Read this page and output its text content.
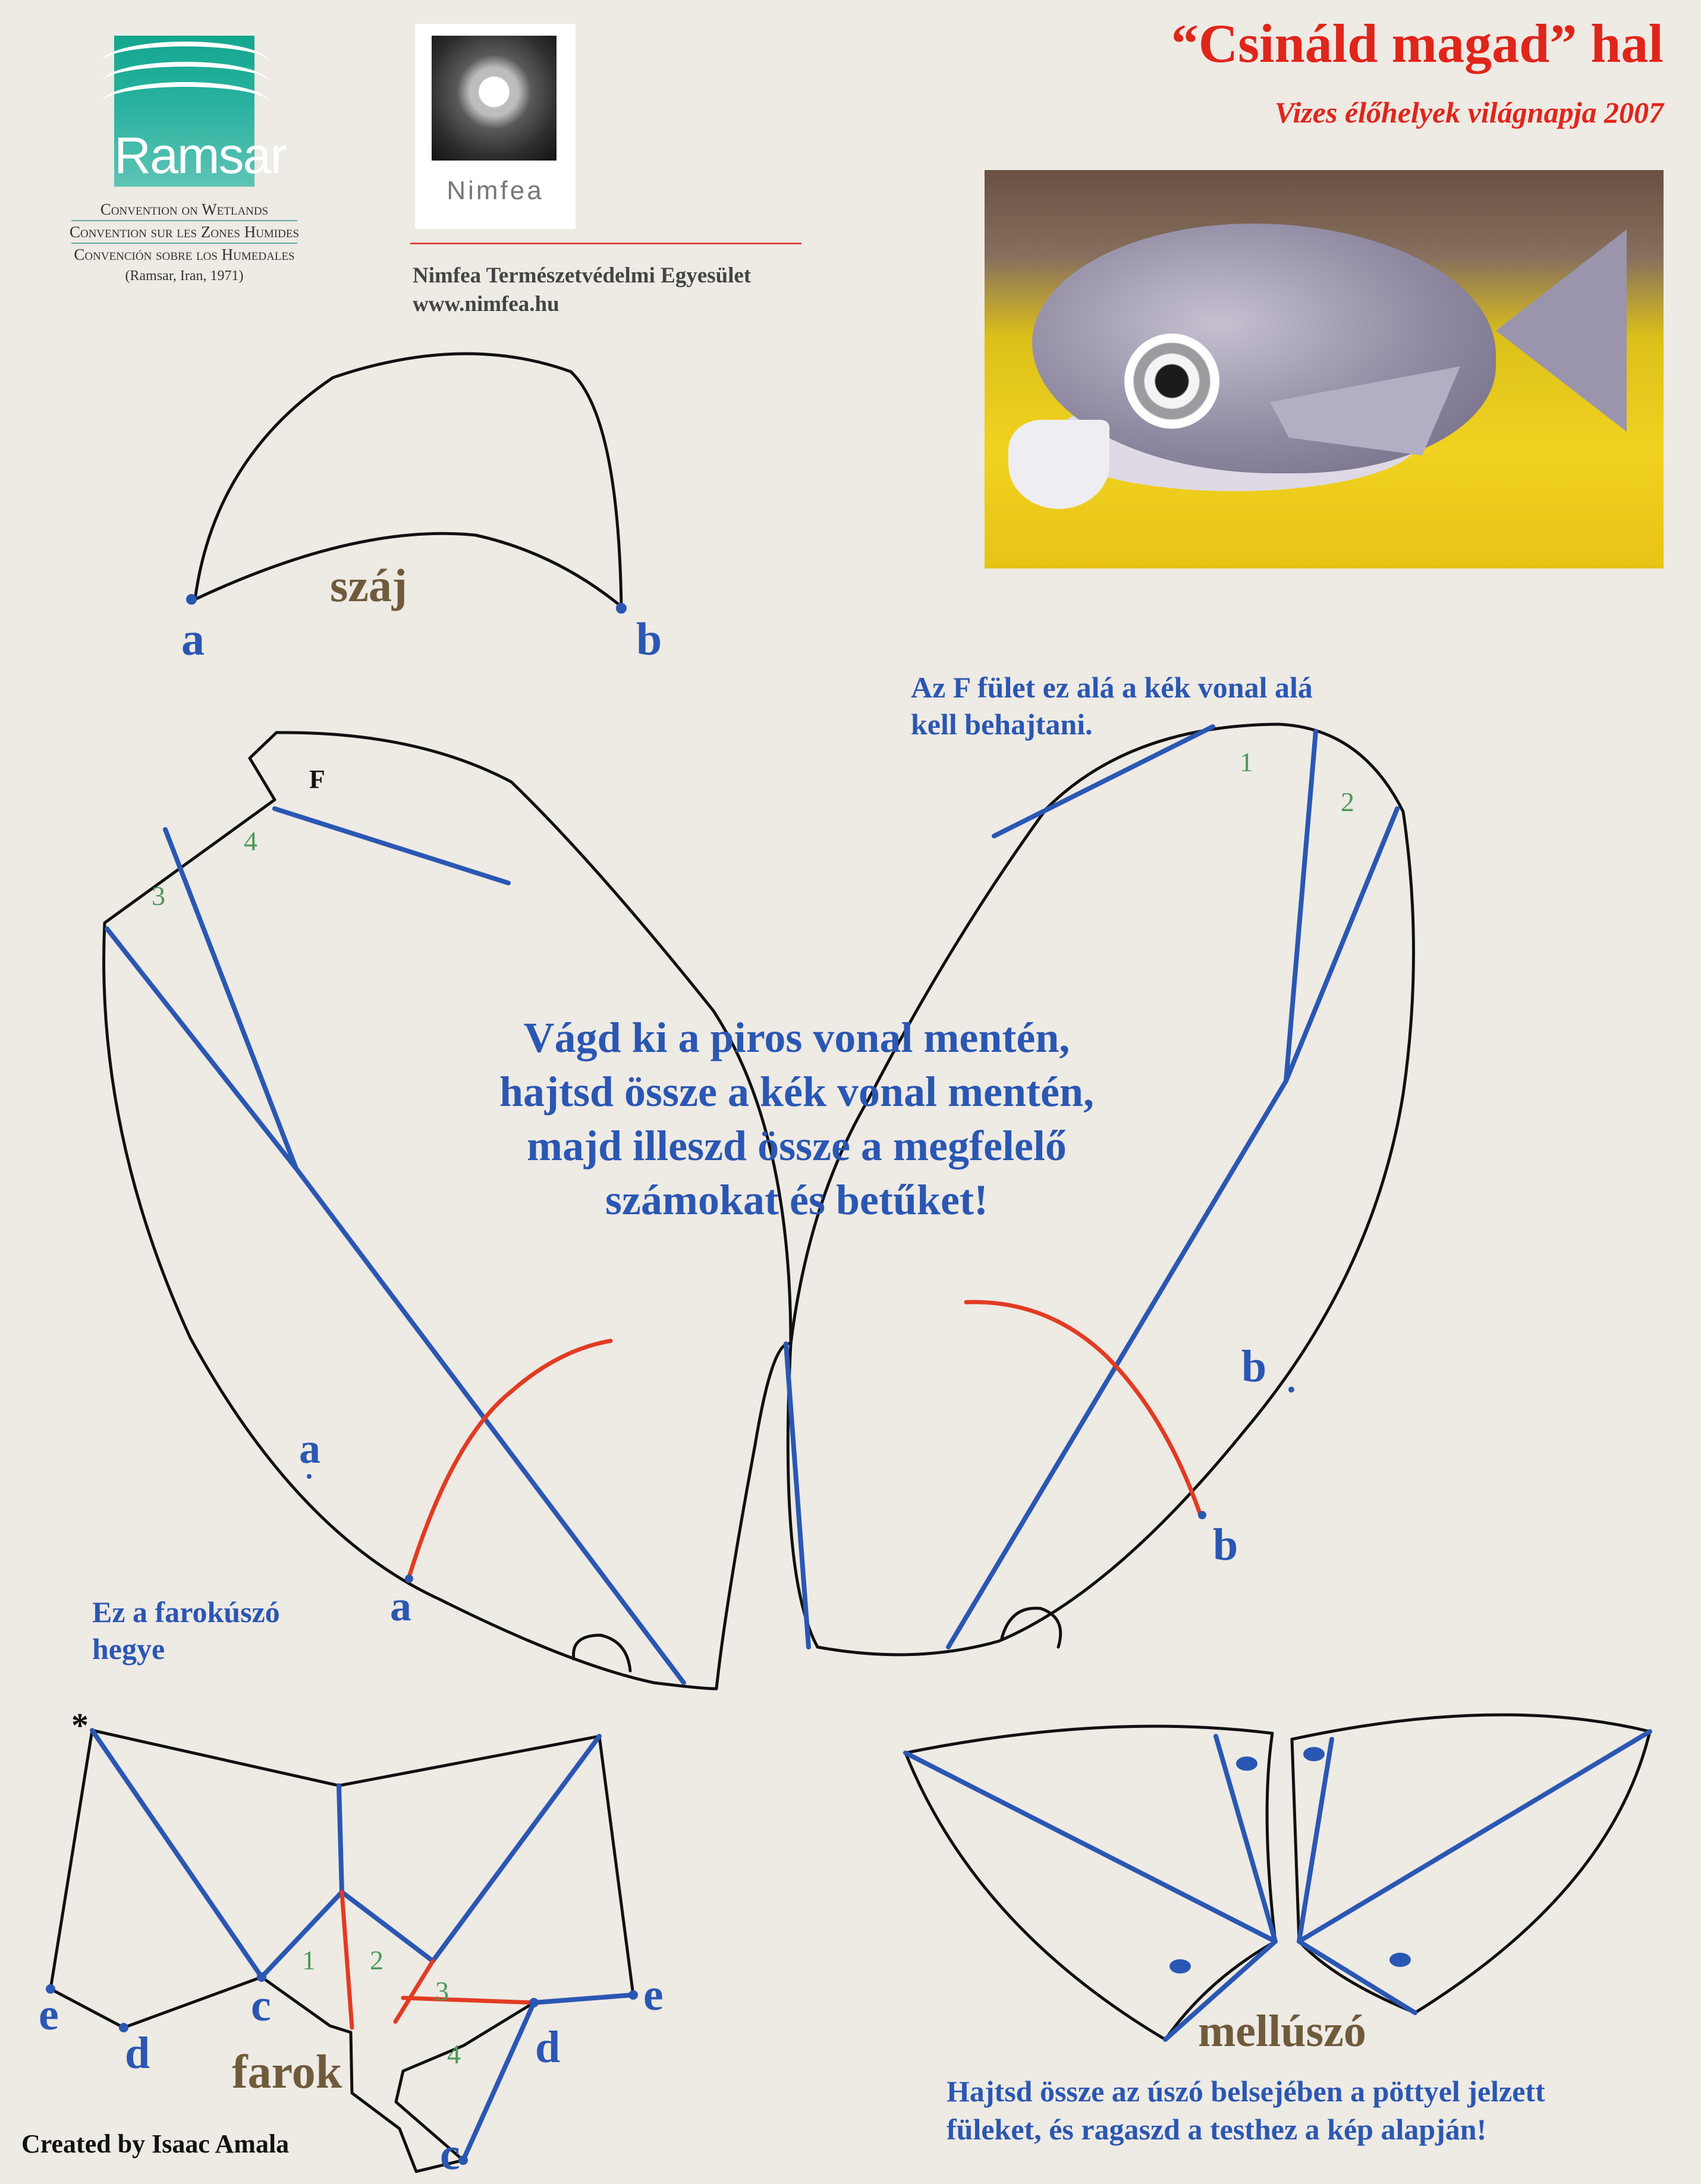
“Csináld magad” hal
Vizes élőhelyek világnapja 2007
Ramsar
Convention on Wetlands
Convention sur les Zones Humides
Convención sobre los Humedales
(Ramsar, Iran, 1971)
Nimfea
Nimfea Természetvédelmi Egyesület
www.nimfea.hu
száj
a	b
F
4
3
1
2
Az F fület ez alá a kék vonal alá
kell behajtani.
Vágd ki a piros vonal mentén,
hajtsd össze a kék vonal mentén,
majd illeszd össze a megfelelő
számokat és betűket!
a
a
b
b
Ez a farokúszó
hegye
*
1 2
3
4
e
d
c	e
d
c
farok
mellúszó
Hajtsd össze az úszó belsejében a pöttyel jelzett
füleket, és ragaszd a testhez a kép alapján!
Created by Isaac Amala
